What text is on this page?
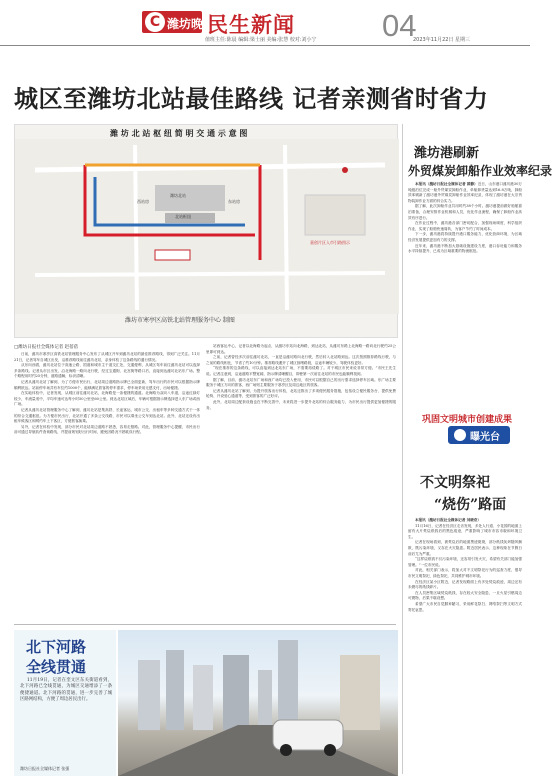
C 潍坊晚报
民生新闻	04
值班主任:陈晨 编辑:梁士丽 美编:张慧 校对:刘小宁	2023年11月22日 星期三
城区至潍坊北站最佳路线 记者亲测省时省力
潍 坊 北 站 枢 纽 简 明 交 通 示 意 图
潍坊北站
北站枢纽
东站房
西站房
嘉创片区入市引路图示
潍坊市寒亭区高铁北站管理服务中心 制图
□潍坊日报社全媒体记者 赵蓓蓓

日前，潍坊市寒亭区高铁北站管理服务中心发布了从城区开车到潍坊北站的最佳推荐路线，得到广泛关注。11月21日，记者驾车自城区出发，沿推荐路线前往潍坊北站，亲身体验了这条路线的通行情况。

从东向西看，潍坊北站位于高速公路、国道和城市主干道交汇处，交通便利，从城区驾车前往潍坊北站可以选择多条路线。记者从市区出发，沿北海路一路向北行驶，经过宝通街、北宫街等路口后，直接到达潍坊北站东广场。整个路程用时约25分钟，道路通畅，标识清晰。

记者从潍坊北站了解到，为了方便市民出行，北站周边道路指示牌已全面更新，驾车出行的市民可以根据指示牌顺利抵达。站前停车场共有车位约1000个，能够满足旅客的停车需求，停车场采用无感支付，出场便捷。

在实地体验中，记者发现，从城区前往潍坊北站，北海路是一条便捷的通道。北海路为双向八车道，沿途红绿灯较少，车流量适中，平均车速可达每小时50公里至60公里。到达北站区域后，车辆可根据指示牌选择进入东广场或西广场。

记者从潍坊北站管理服务中心了解到，潍坊北站是集高铁、长途客运、城市公交、出租车等多种交通方式于一体的综合交通枢纽。为方便市民出行，北站开通了多条公交线路，市民可以乘坐公交车到达北站。此外，北站还设有出租车候客区和网约车上下客区，方便旅客换乘。

另外，记者在体验中发现，部分市民对北站周边道路不熟悉，容易走错路。对此，管理服务中心提醒，市民出行前可通过导航软件查询路线，并提前规划好出行时间，避免因路况不熟耽误行程。

站西客运中心，记者以北海路为起点，从潍坊东站向北海路，到达北站，从潍坊东路上北海路一路向北行驶约25公里即可到达。

之前，记者曾经多次前往潍坊北站，一直是沿潍坊路向北行驶，然后转入北站路到达。这次按照推荐路线行驶，与之前的路线相比，节省了约10分钟。推荐路线避开了城区拥堵路段，沿途车辆较少，驾驶体验更好。

“现在推荐的这条路线，可以直接到达北站东广场，不需要再绕路了。对于城区市民来说非常方便。”市民王先生说。记者注意到，沿途道路平整宽阔，指示牌清晰醒目，即使第一次前往北站的市民也能顺利找到。

据了解，目前，潍坊北站东广场和西广场均已投入使用，市民可以根据自己的出行需求选择停车区域。东广场主要服务于城区方向的旅客，西广场则主要服务于寒亭区及周边地区的旅客。

记者从潍坊北站了解到，为提升旅客出行体验，北站还推出了多项便民服务措施，包括设立便民服务台、提供免费轮椅、开设爱心通道等，受到旅客的广泛好评。

此外，北站周边配套设施也在不断完善中，未来将进一步提升北站的综合服务能力，为市民出行提供更加便捷的服务。

北下河路
全线贯通

11月19日，记者在奎文区东关街道看到，北下河路已全线贯通，为城区交通增添了一条便捷通道。北下河路的贯通，进一步完善了城区路网结构，方便了周边居民出行。

潍坊日报社全媒体记者 张强
潍坊港刷新
外贸煤炭卸船作业效率纪录

本报讯（潍坊日报社全媒体记者 薛静）近日，山东港口潍坊港30万吨级泊位完成一船外贸煤炭卸船作业，单船卸货量达到16.8万吨，卸船效率刷新了潍坊港外贸煤炭卸船作业效率纪录，体现了潍坊港在大宗货物装卸作业方面的综合实力。

据了解，此次卸船作业共用时约38个小时。潍坊港提前做好船舶靠泊准备，合理安排作业机械和人员，优化作业流程，确保了卸船作业高效有序进行。

在作业过程中，潍坊港各部门密切配合，加强现场调度，科学组织作业，实现了船舶快速周转，为客户节约了时间成本。

下一步，潍坊港将持续提升港口服务能力，优化营商环境，为区域经济发展提供更加有力的支撑。

近年来，潍坊港不断加大基础设施建设力度，港口吞吐能力和服务水平持续提升，已成为区域重要的物流枢纽。

巩固文明城市创建成果
曝光台
不文明祭祀
“烧伤”路面

本报讯（潍坊日报社全媒体记者 刘晓奇）

11月16日，记者在经济区走访发现，多处人行道、小花园的地面上留有大片焚烧纸钱后的黑色痕迹，严重影响了城市市容市貌和环境卫生。

记者在现场看到，被焚烧后的地面黑迹斑斑，部分纸钱灰烬随风飘散，既污染环境，又存在火灾隐患。附近居民表示，这种现象在节假日前后尤为严重。

“这样烧纸钱不仅污染环境，还容易引发火灾，希望有关部门能加强管理。”一位市民说。

对此，相关部门表示，将加大对不文明祭祀行为的巡查力度，倡导市民文明祭祀、绿色祭祀，共同维护城市环境。

在经济区某小区附近，记者发现路面上有多处焚烧痕迹，周边还有未燃尽的纸钱碎片。

在人员密集区域焚烧纸钱，存在较大安全隐患，一旦火星引燃周边可燃物，后果不堪设想。

希望广大市民自觉摒弃陋习，采用鲜花祭扫、网络祭扫等文明方式寄托哀思。
